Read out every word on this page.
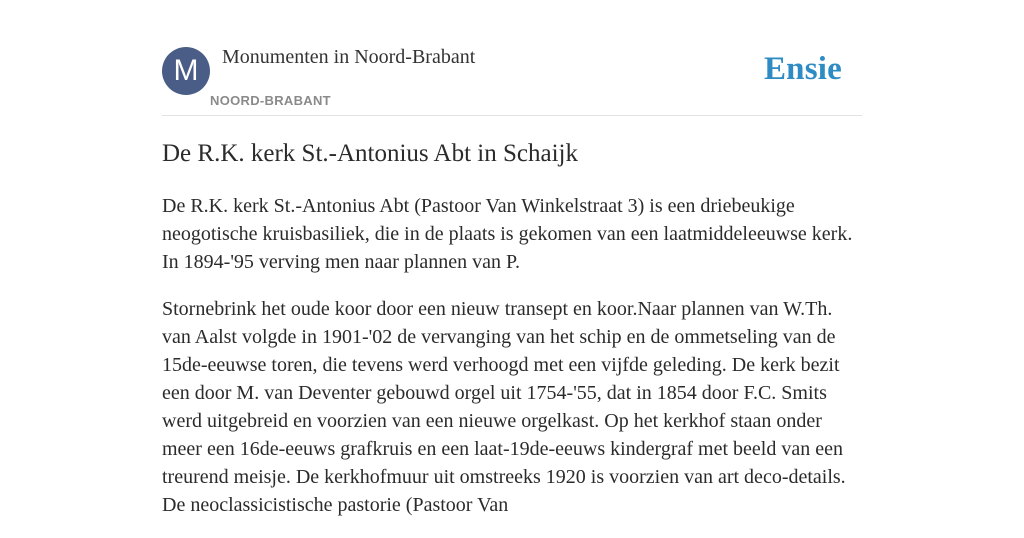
M	Monumenten in Noord-Brabant
NOORD-BRABANT
Ensie
De R.K. kerk St.-Antonius Abt in Schaijk

De R.K. kerk St.-Antonius Abt (Pastoor Van Winkelstraat 3) is een driebeukige neogotische kruisbasiliek, die in de plaats is gekomen van een laatmiddeleeuwse kerk. In 1894-'95 verving men naar plannen van P.

Stornebrink het oude koor door een nieuw transept en koor.Naar plannen van W.Th. van Aalst volgde in 1901-'02 de vervanging van het schip en de ommetseling van de 15de-eeuwse toren, die tevens werd verhoogd met een vijfde geleding. De kerk bezit een door M. van Deventer gebouwd orgel uit 1754-'55, dat in 1854 door F.C. Smits werd uitgebreid en voorzien van een nieuwe orgelkast. Op het kerkhof staan onder meer een 16de-eeuws grafkruis en een laat-19de-eeuws kindergraf met beeld van een treurend meisje. De kerkhofmuur uit omstreeks 1920 is voorzien van art deco-details. De neoclassicistische pastorie (Pastoor Van
